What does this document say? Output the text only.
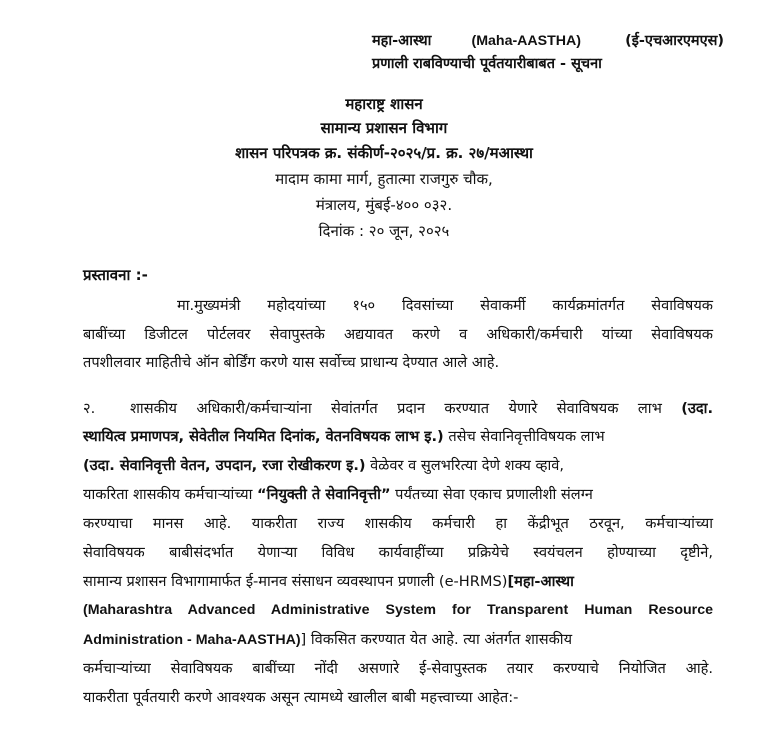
महा-आस्था	(Maha-AASTHA)	(ई-एचआरएमएस)
प्रणाली राबविण्याची पूर्वतयारीबाबत - सूचना
महाराष्ट्र शासन
सामान्य प्रशासन विभाग
शासन परिपत्रक क्र. संकीर्ण-२०२५/प्र. क्र. २७/मआस्था
मादाम कामा मार्ग, हुतात्मा राजगुरु चौक,
मंत्रालय, मुंबई-४०० ०३२.
दिनांक : २० जून, २०२५
प्रस्तावना :-
मा.मुख्यमंत्री महोदयांच्या १५० दिवसांच्या सेवाकर्मी कार्यक्रमांतर्गत सेवाविषयक
बाबींच्या डिजीटल पोर्टलवर सेवापुस्तके अद्ययावत करणे व अधिकारी/कर्मचारी यांच्या सेवाविषयक
तपशीलवार माहितीचे ऑन बोर्डिंग करणे यास सर्वोच्च प्राधान्य देण्यात आले आहे.
२.	शासकीय अधिकारी/कर्मचाऱ्यांना सेवांतर्गत प्रदान करण्यात येणारे सेवाविषयक लाभ (उदा.
स्थायित्व प्रमाणपत्र, सेवेतील नियमित दिनांक, वेतनविषयक लाभ इ.) तसेच सेवानिवृत्तीविषयक लाभ
(उदा. सेवानिवृत्ती वेतन, उपदान, रजा रोखीकरण इ.) वेळेवर व सुलभरित्या देणे शक्य व्हावे,
याकरिता शासकीय कर्मचाऱ्यांच्या “नियुक्ती ते सेवानिवृत्ती” पर्यंतच्या सेवा एकाच प्रणालीशी संलग्न
करण्याचा मानस आहे. याकरीता राज्य शासकीय कर्मचारी हा केंद्रीभूत ठरवून, कर्मचाऱ्यांच्या
सेवाविषयक बाबीसंदर्भात येणाऱ्या विविध कार्यवाहींच्या प्रक्रियेचे स्वयंचलन होण्याच्या दृष्टीने,
सामान्य प्रशासन विभागामार्फत ई-मानव संसाधन व्यवस्थापन प्रणाली (e-HRMS)[महा-आस्था
(Maharashtra Advanced Administrative System for Transparent Human Resource
Administration - Maha-AASTHA)] विकसित करण्यात येत आहे. त्या अंतर्गत शासकीय
कर्मचाऱ्यांच्या सेवाविषयक बाबींच्या नोंदी असणारे ई-सेवापुस्तक तयार करण्याचे नियोजित आहे.
याकरीता पूर्वतयारी करणे आवश्यक असून त्यामध्ये खालील बाबी महत्त्वाच्या आहेत:-
